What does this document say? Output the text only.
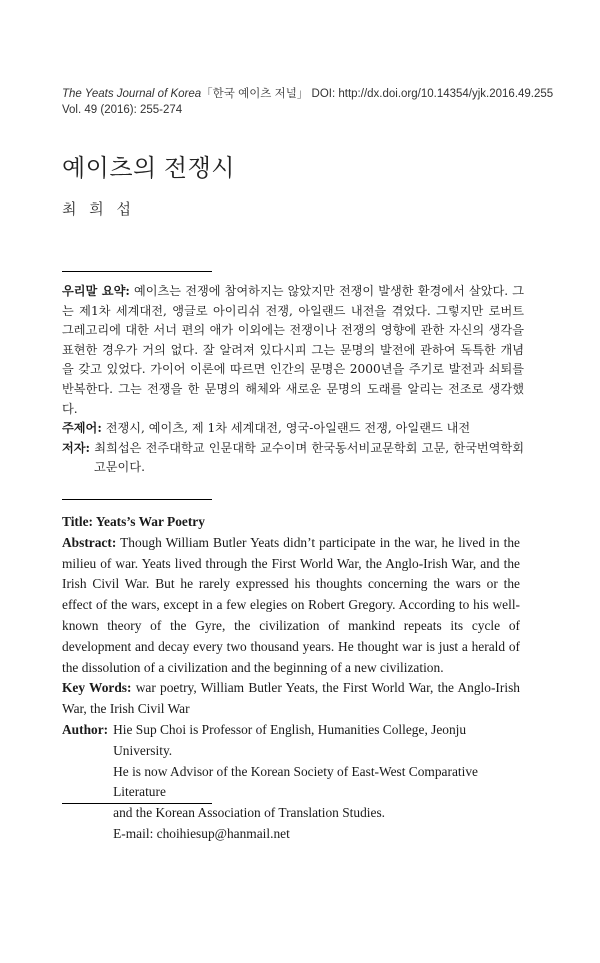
The Yeats Journal of Korea「한국 예이츠 저널」 DOI: http://dx.doi.org/10.14354/yjk.2016.49.255
Vol. 49 (2016): 255-274
예이츠의 전쟁시
최 희 섭

우리말 요약: 예이츠는 전쟁에 참여하지는 않았지만 전쟁이 발생한 환경에서 살았다. 그는 제1차 세계대전, 앵글로 아이리쉬 전쟁, 아일랜드 내전을 겪었다. 그렇지만 로버트 그레고리에 대한 서너 편의 애가 이외에는 전쟁이나 전쟁의 영향에 관한 자신의 생각을 표현한 경우가 거의 없다. 잘 알려져 있다시피 그는 문명의 발전에 관하여 독특한 개념을 갖고 있었다. 가이어 이론에 따르면 인간의 문명은 2000년을 주기로 발전과 쇠퇴를 반복한다. 그는 전쟁을 한 문명의 해체와 새로운 문명의 도래를 알리는 전조로 생각했다.

주제어: 전쟁시, 예이츠, 제 1차 세계대전, 영국-아일랜드 전쟁, 아일랜드 내전

저자: 최희섭은 전주대학교 인문대학 교수이며 한국동서비교문학회 고문, 한국번역학회고문이다.

Title: Yeats’s War Poetry

Abstract: Though William Butler Yeats didn’t participate in the war, he lived in the milieu of war. Yeats lived through the First World War, the Anglo-Irish War, and the Irish Civil War. But he rarely expressed his thoughts concerning the wars or the effect of the wars, except in a few elegies on Robert Gregory. According to his well-known theory of the Gyre, the civilization of mankind repeats its cycle of development and decay every two thousand years. He thought war is just a herald of the dissolution of a civilization and the beginning of a new civilization.

Key Words: war poetry, William Butler Yeats, the First World War, the Anglo-Irish War, the Irish Civil War

Author: Hie Sup Choi is Professor of English, Humanities College, Jeonju University.
He is now Advisor of the Korean Society of East-West Comparative Literature
and the Korean Association of Translation Studies.
E-mail: choihiesup@hanmail.net
